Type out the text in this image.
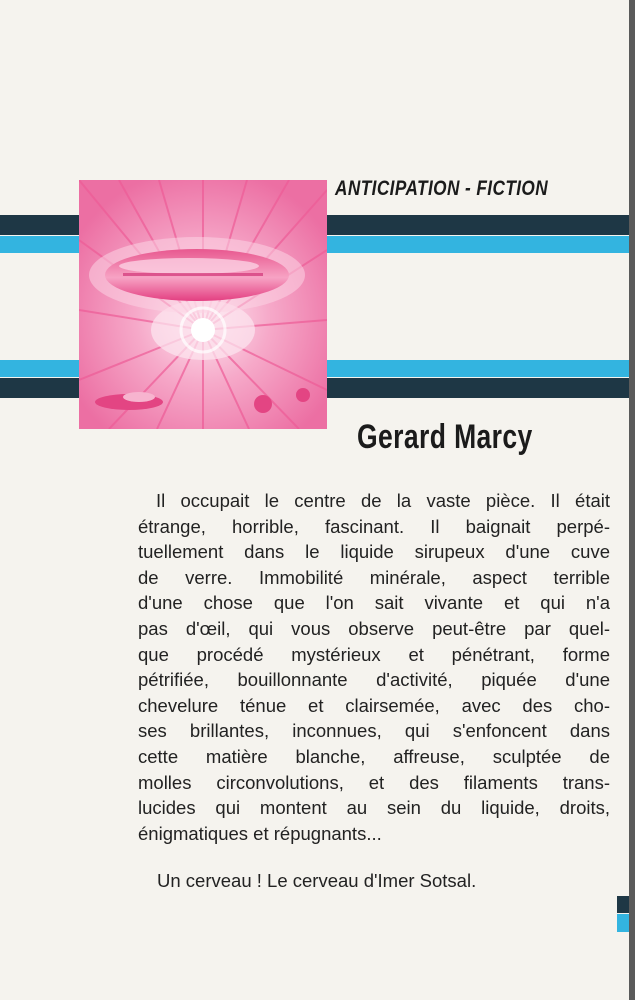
ANTICIPATION - FICTION
Gerard Marcy
Il occupait le centre de la vaste pièce. Il était
étrange, horrible, fascinant. Il baignait perpé-
tuellement dans le liquide sirupeux d'une cuve
de verre. Immobilité minérale, aspect terrible
d'une chose que l'on sait vivante et qui n'a
pas d'œil, qui vous observe peut-être par quel-
que procédé mystérieux et pénétrant, forme
pétrifiée, bouillonnante d'activité, piquée d'une
chevelure ténue et clairsemée, avec des cho-
ses brillantes, inconnues, qui s'enfoncent dans
cette matière blanche, affreuse, sculptée de
molles circonvolutions, et des filaments trans-
lucides qui montent au sein du liquide, droits,
énigmatiques et répugnants...
Un cerveau ! Le cerveau d'Imer Sotsal.
